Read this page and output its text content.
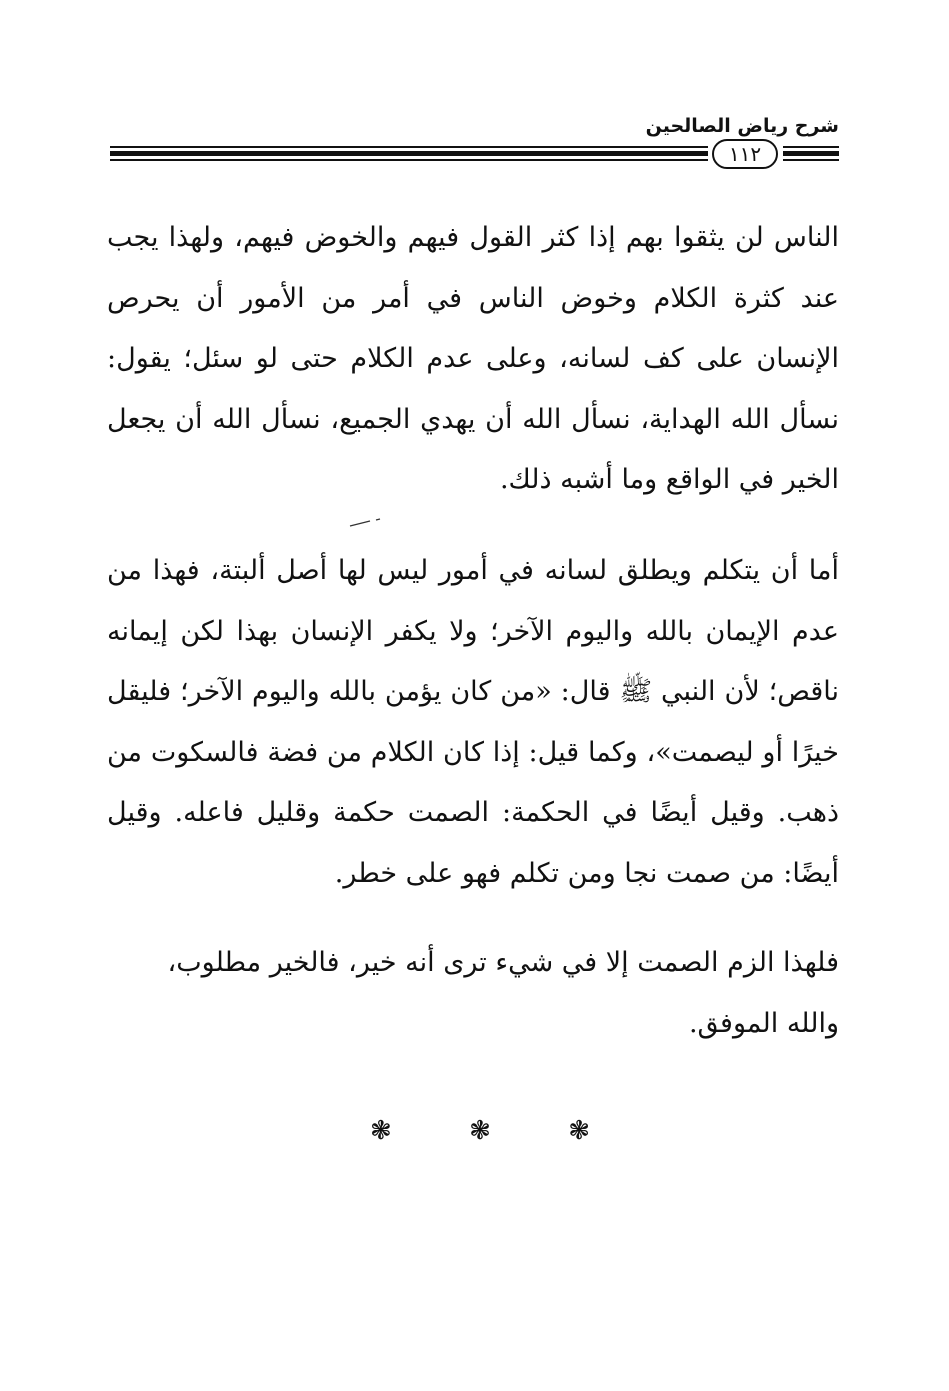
شرح رياض الصالحين
١١٢

الناس لن يثقوا بهم إذا كثر القول فيهم والخوض فيهم، ولهذا يجب عند كثرة الكلام وخوض الناس في أمر من الأمور أن يحرص الإنسان على كف لسانه، وعلى عدم الكلام حتى لو سئل؛ يقول: نسأل الله الهداية، نسأل الله أن يهدي الجميع، نسأل الله أن يجعل الخير في الواقع وما أشبه ذلك.

أما أن يتكلم ويطلق لسانه في أمور ليس لها أصل ألبتة، فهذا من عدم الإيمان بالله واليوم الآخر؛ ولا يكفر الإنسان بهذا لكن إيمانه ناقص؛ لأن النبي ﷺ قال: «من كان يؤمن بالله واليوم الآخر؛ فليقل خيرًا أو ليصمت»، وكما قيل: إذا كان الكلام من فضة فالسكوت من ذهب. وقيل أيضًا في الحكمة: الصمت حكمة وقليل فاعله. وقيل أيضًا: من صمت نجا ومن تكلم فهو على خطر.

فلهذا الزم الصمت إلا في شيء ترى أنه خير، فالخير مطلوب،

والله الموفق.

❃	❃	❃
